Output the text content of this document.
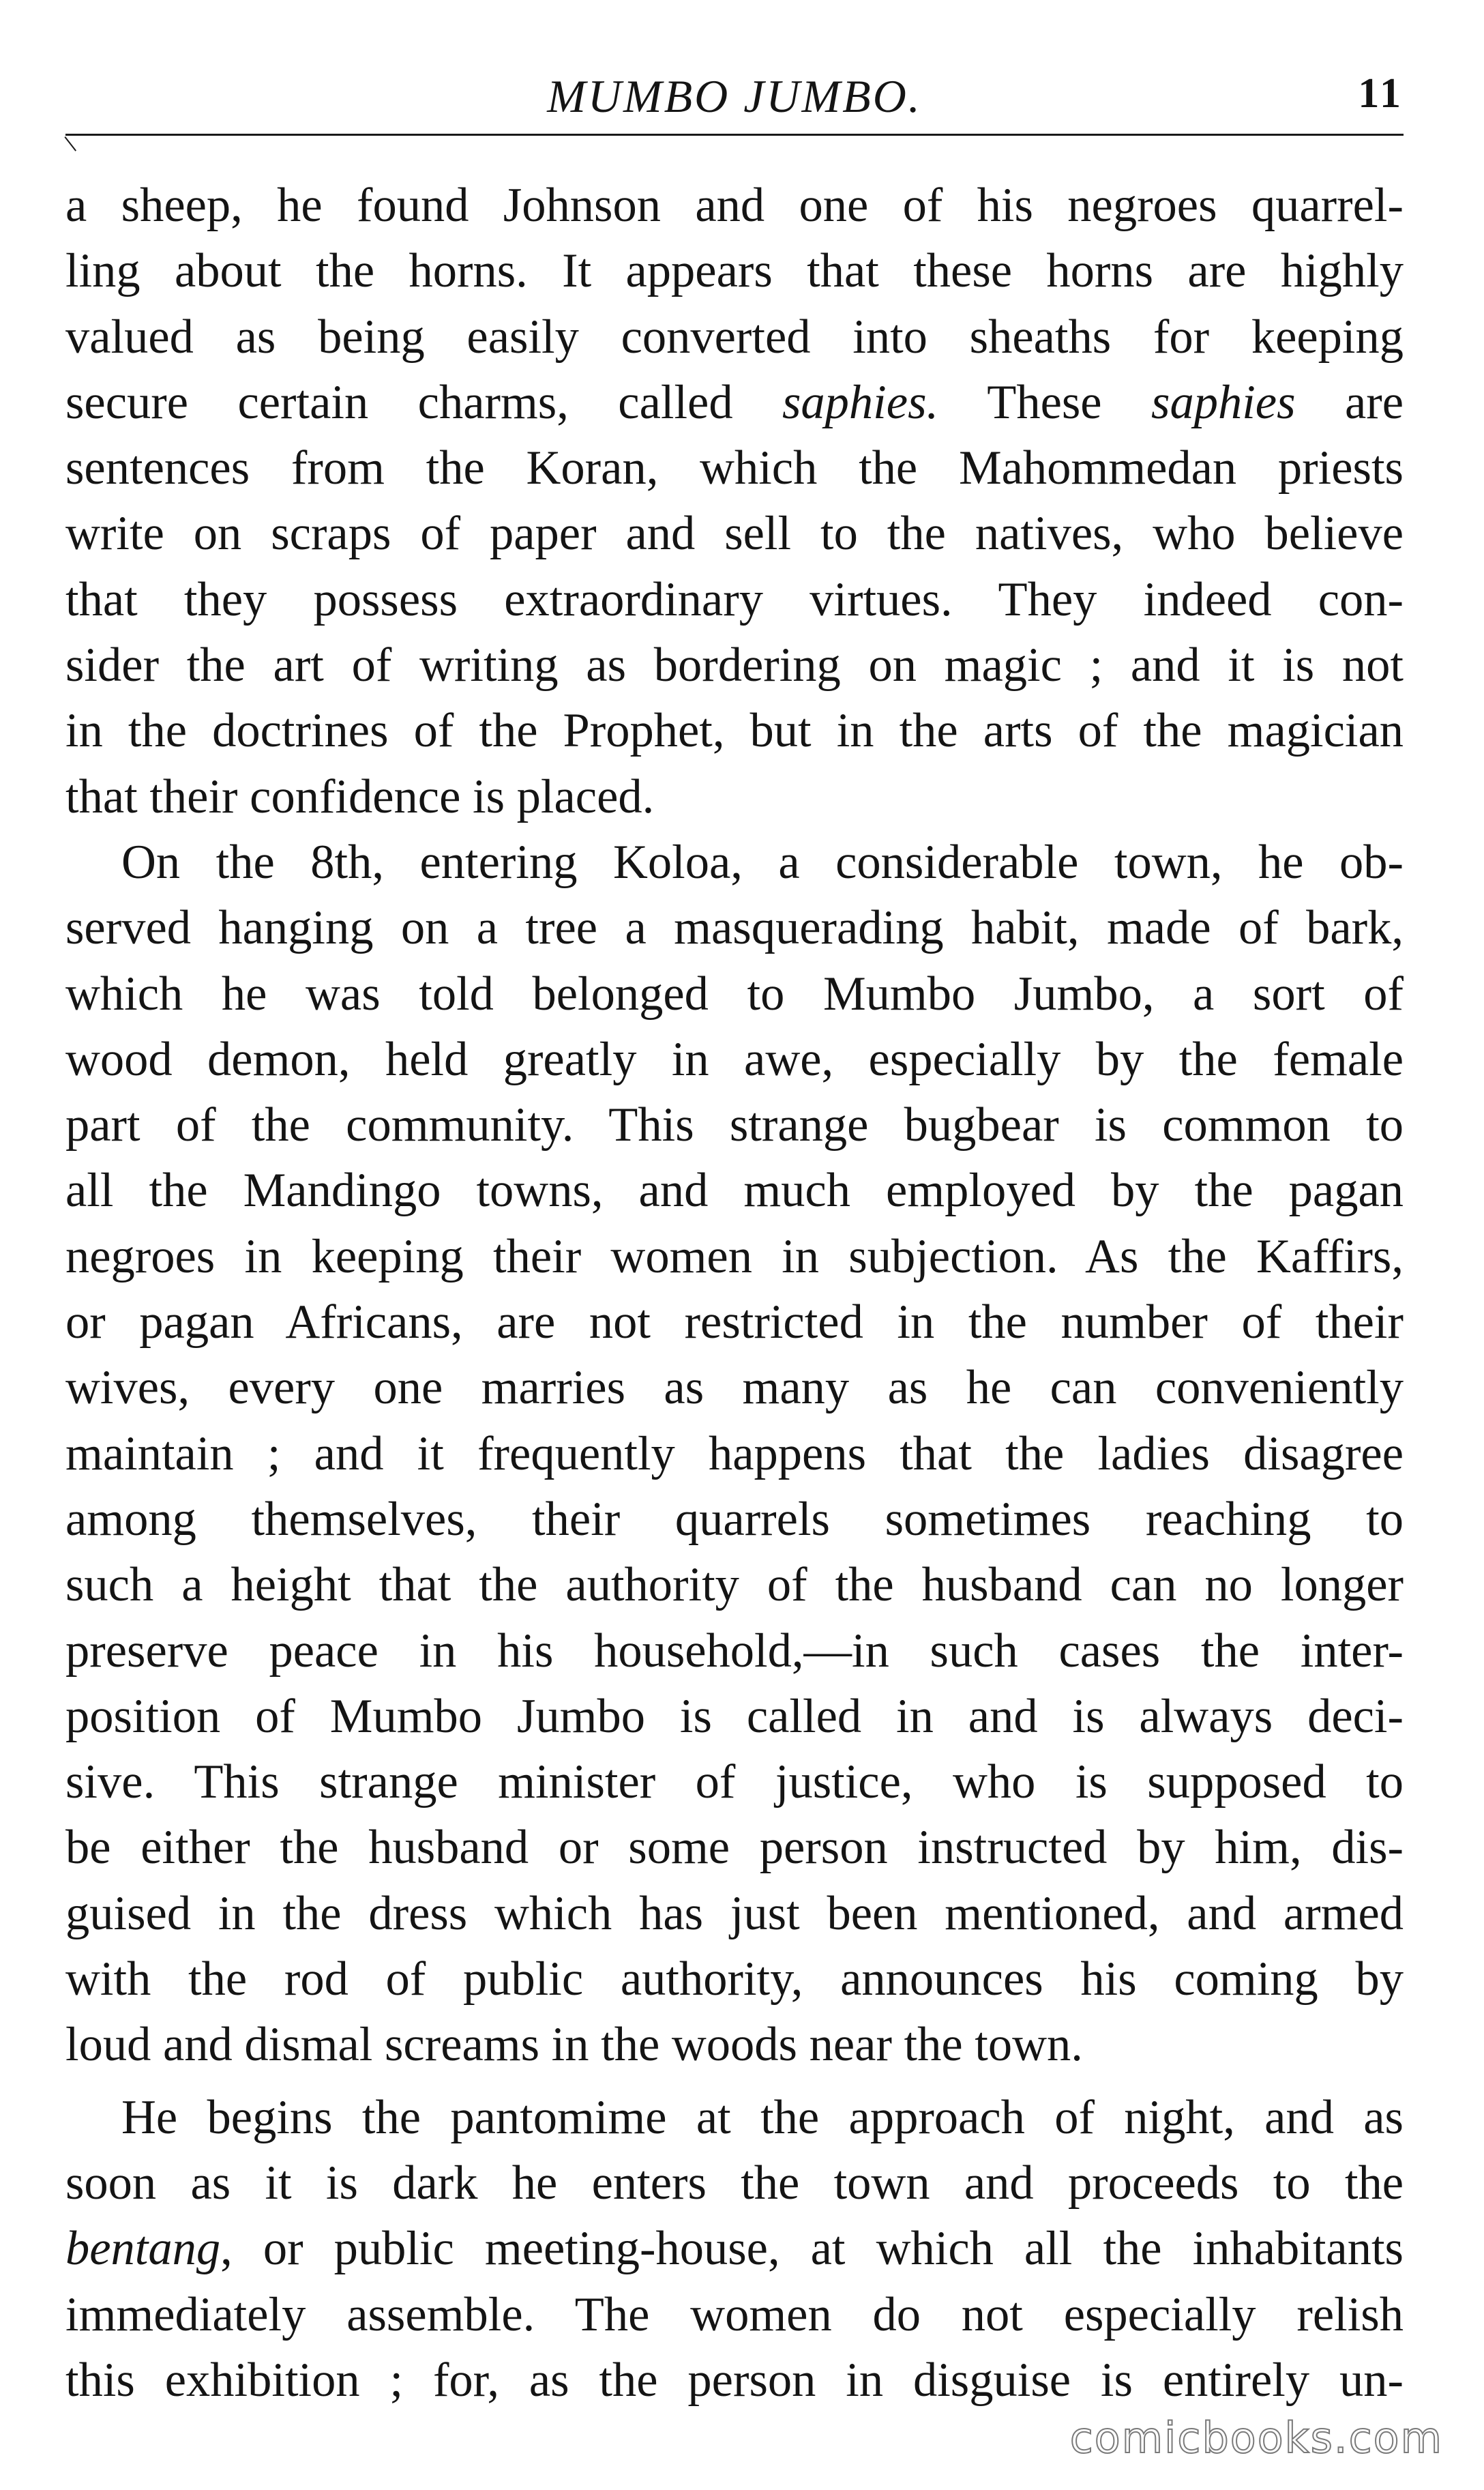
MUMBO JUMBO.	11
a sheep, he found Johnson and one of his negroes quarrel-
ling about the horns. It appears that these horns are highly
valued as being easily converted into sheaths for keeping
secure certain charms, called saphies. These saphies are
sentences from the Koran, which the Mahommedan priests
write on scraps of paper and sell to the natives, who believe
that they possess extraordinary virtues. They indeed con-
sider the art of writing as bordering on magic ; and it is not
in the doctrines of the Prophet, but in the arts of the magician
that their confidence is placed.
On the 8th, entering Koloa, a considerable town, he ob-
served hanging on a tree a masquerading habit, made of bark,
which he was told belonged to Mumbo Jumbo, a sort of
wood demon, held greatly in awe, especially by the female
part of the community. This strange bugbear is common to
all the Mandingo towns, and much employed by the pagan
negroes in keeping their women in subjection. As the Kaffirs,
or pagan Africans, are not restricted in the number of their
wives, every one marries as many as he can conveniently
maintain ; and it frequently happens that the ladies disagree
among themselves, their quarrels sometimes reaching to
such a height that the authority of the husband can no longer
preserve peace in his household,—in such cases the inter-
position of Mumbo Jumbo is called in and is always deci-
sive. This strange minister of justice, who is supposed to
be either the husband or some person instructed by him, dis-
guised in the dress which has just been mentioned, and armed
with the rod of public authority, announces his coming by
loud and dismal screams in the woods near the town.
He begins the pantomime at the approach of night, and as
soon as it is dark he enters the town and proceeds to the
bentang, or public meeting-house, at which all the inhabitants
immediately assemble. The women do not especially relish
this exhibition ; for, as the person in disguise is entirely un-
comicbooks.com
